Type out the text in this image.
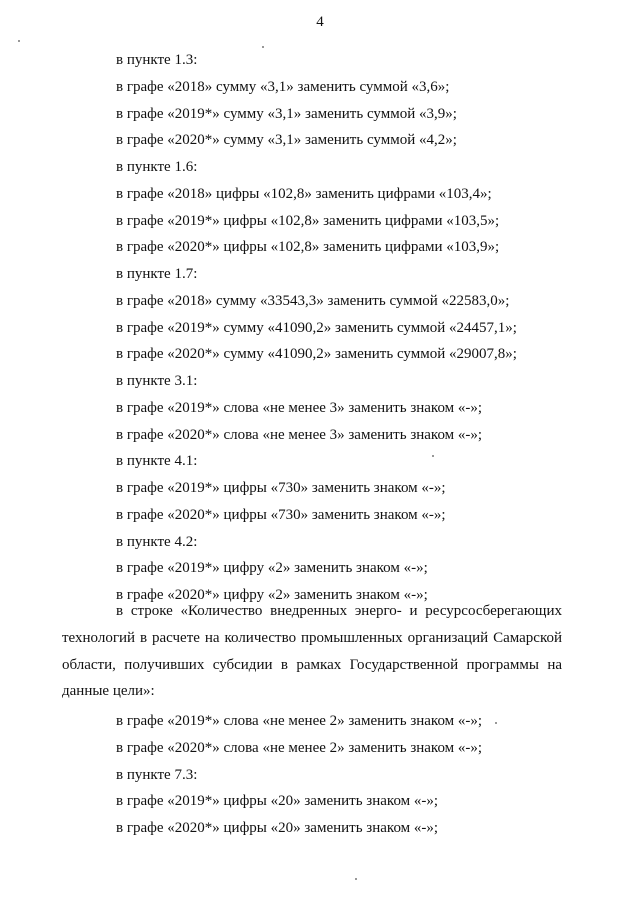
4
в пункте 1.3:
в графе «2018» сумму «3,1» заменить суммой «3,6»;
в графе «2019*» сумму «3,1» заменить суммой «3,9»;
в графе «2020*» сумму «3,1» заменить суммой «4,2»;
в пункте 1.6:
в графе «2018» цифры «102,8» заменить цифрами «103,4»;
в графе «2019*» цифры «102,8» заменить цифрами «103,5»;
в графе «2020*» цифры «102,8» заменить цифрами «103,9»;
в пункте 1.7:
в графе «2018» сумму «33543,3» заменить суммой «22583,0»;
в графе «2019*» сумму «41090,2» заменить суммой «24457,1»;
в графе «2020*» сумму «41090,2» заменить суммой «29007,8»;
в пункте 3.1:
в графе «2019*» слова «не менее 3» заменить знаком «-»;
в графе «2020*» слова «не менее 3» заменить знаком «-»;
в пункте 4.1:
в графе «2019*» цифры «730» заменить знаком «-»;
в графе «2020*» цифры «730» заменить знаком «-»;
в пункте 4.2:
в графе «2019*» цифру «2» заменить знаком «-»;
в графе «2020*» цифру «2» заменить знаком «-»;
в строке «Количество внедренных энерго- и ресурсосберегающих технологий в расчете на количество промышленных организаций Самарской области, получивших субсидии в рамках Государственной программы на данные цели»:
в графе «2019*» слова «не менее 2» заменить знаком «-»;
в графе «2020*» слова «не менее 2» заменить знаком «-»;
в пункте 7.3:
в графе «2019*» цифры «20» заменить знаком «-»;
в графе «2020*» цифры «20» заменить знаком «-»;
